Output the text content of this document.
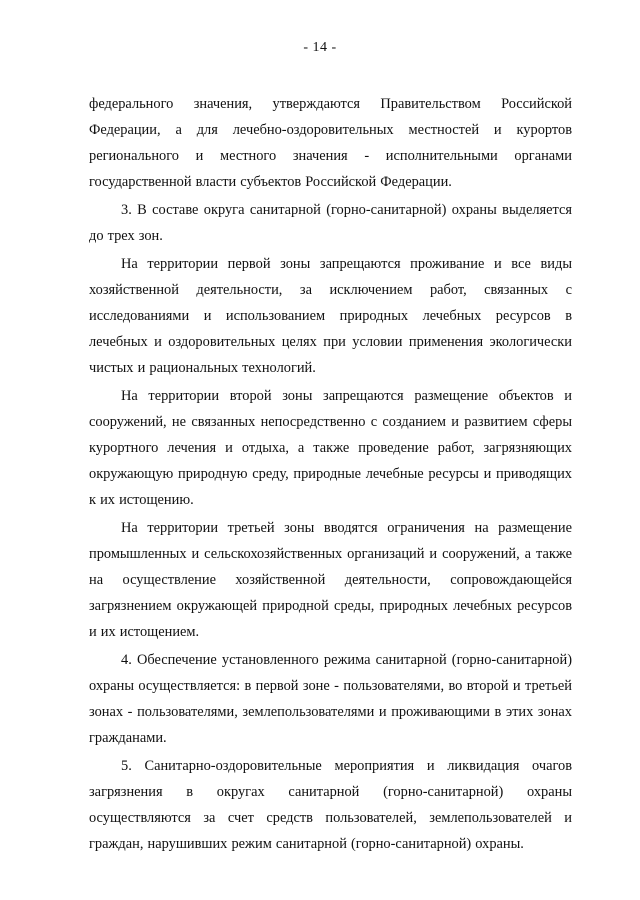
- 14 -

федерального значения, утверждаются Правительством Российской Федерации, а для лечебно-оздоровительных местностей и курортов регионального и местного значения - исполнительными органами государственной власти субъектов Российской Федерации.

3. В составе округа санитарной (горно-санитарной) охраны выделяется до трех зон.

На территории первой зоны запрещаются проживание и все виды хозяйственной деятельности, за исключением работ, связанных с исследованиями и использованием природных лечебных ресурсов в лечебных и оздоровительных целях при условии применения экологически чистых и рациональных технологий.

На территории второй зоны запрещаются размещение объектов и сооружений, не связанных непосредственно с созданием и развитием сферы курортного лечения и отдыха, а также проведение работ, загрязняющих окружающую природную среду, природные лечебные ресурсы и приводящих к их истощению.

На территории третьей зоны вводятся ограничения на размещение промышленных и сельскохозяйственных организаций и сооружений, а также на осуществление хозяйственной деятельности, сопровождающейся загрязнением окружающей природной среды, природных лечебных ресурсов и их истощением.

4. Обеспечение установленного режима санитарной (горно-санитарной) охраны осуществляется: в первой зоне - пользователями, во второй и третьей зонах - пользователями, землепользователями и проживающими в этих зонах гражданами.

5. Санитарно-оздоровительные мероприятия и ликвидация очагов загрязнения в округах санитарной (горно-санитарной) охраны осуществляются за счет средств пользователей, землепользователей и граждан, нарушивших режим санитарной (горно-санитарной) охраны.
